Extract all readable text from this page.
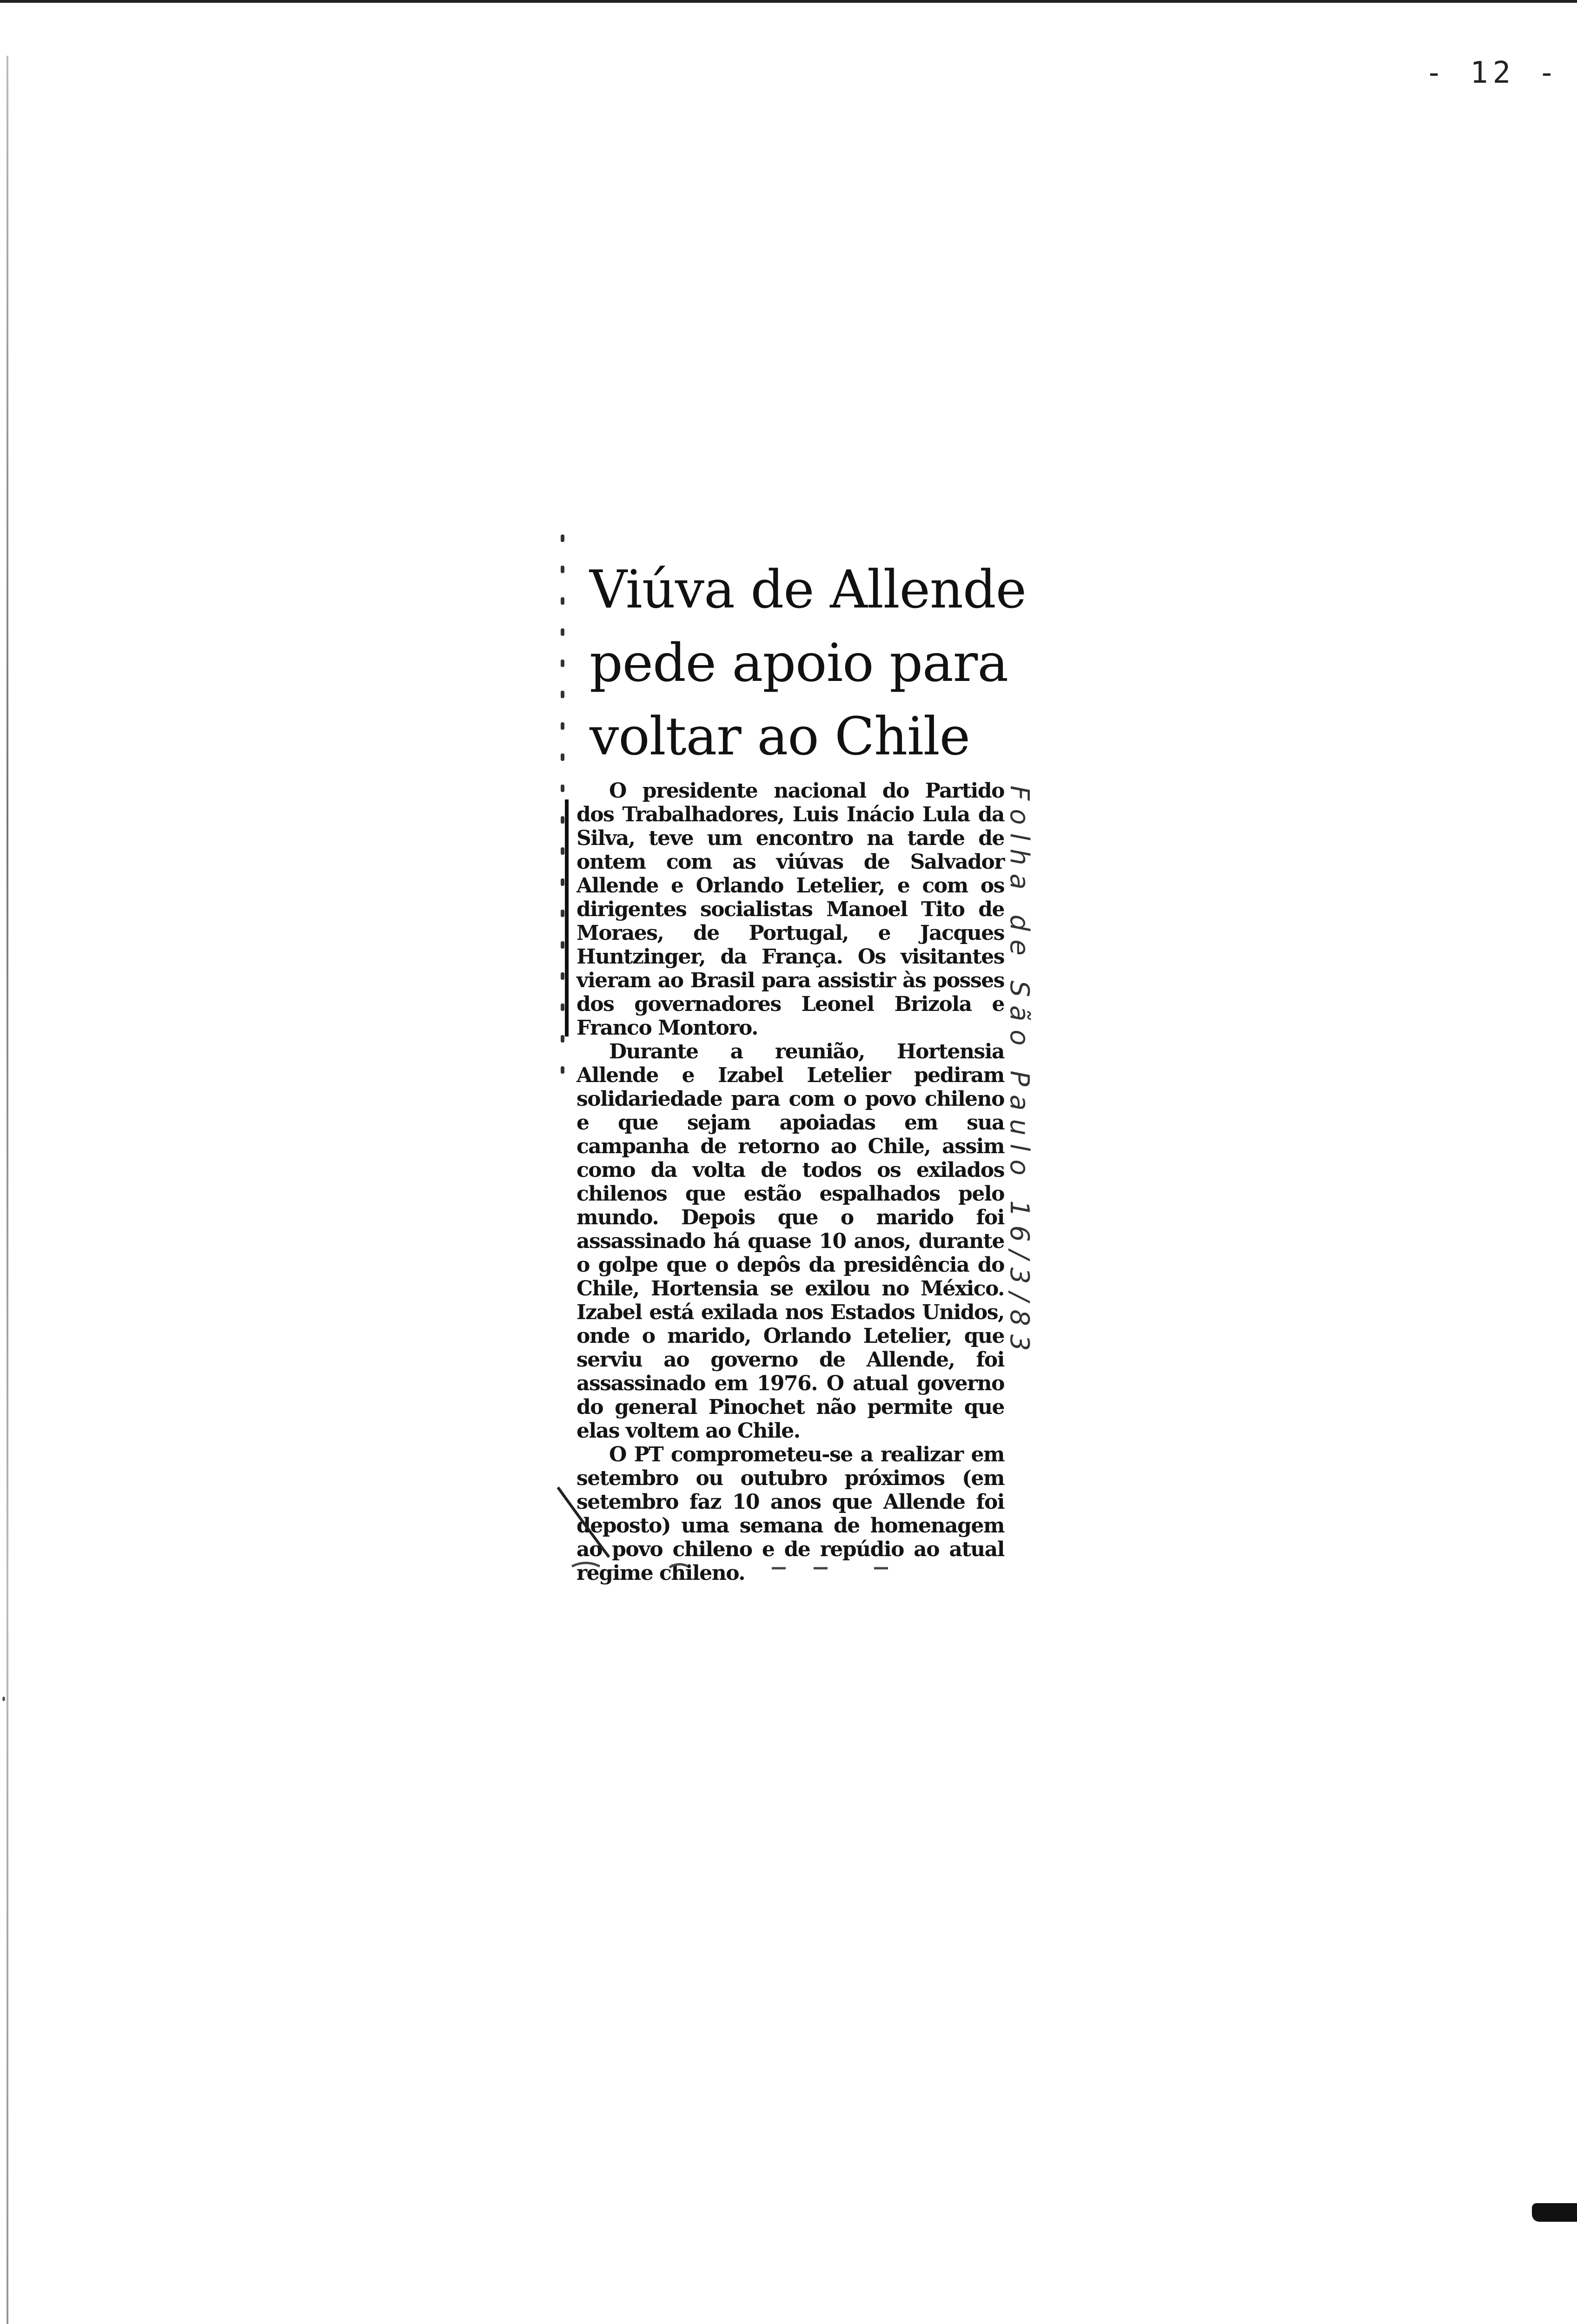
- 12 -
Viúva de Allende
pede apoio para
voltar ao Chile

O presidente nacional do Partido dos Trabalhadores, Luis Inácio Lula da Silva, teve um encontro na tarde de ontem com as viúvas de Salvador Allende e Orlando Letelier, e com os dirigentes socialistas Manoel Tito de Moraes, de Portugal, e Jacques Huntzinger, da França. Os visitantes vieram ao Brasil para assistir às posses dos governadores Leonel Brizola e Franco Montoro.

Durante a reunião, Hortensia Allende e Izabel Letelier pediram solidariedade para com o povo chileno e que sejam apoiadas em sua campanha de retorno ao Chile, assim como da volta de todos os exilados chilenos que estão espalhados pelo mundo. Depois que o marido foi assassinado há quase 10 anos, durante o golpe que o depôs da presidência do Chile, Hortensia se exilou no México. Izabel está exilada nos Estados Unidos, onde o marido, Orlando Letelier, que serviu ao governo de Allende, foi assassinado em 1976. O atual governo do general Pinochet não permite que elas voltem ao Chile.

O PT comprometeu-se a realizar em setembro ou outubro próximos (em setembro faz 10 anos que Allende foi deposto) uma semana de homenagem ao povo chileno e de repúdio ao atual regime chileno.

Folha de São Paulo 16/3/83
